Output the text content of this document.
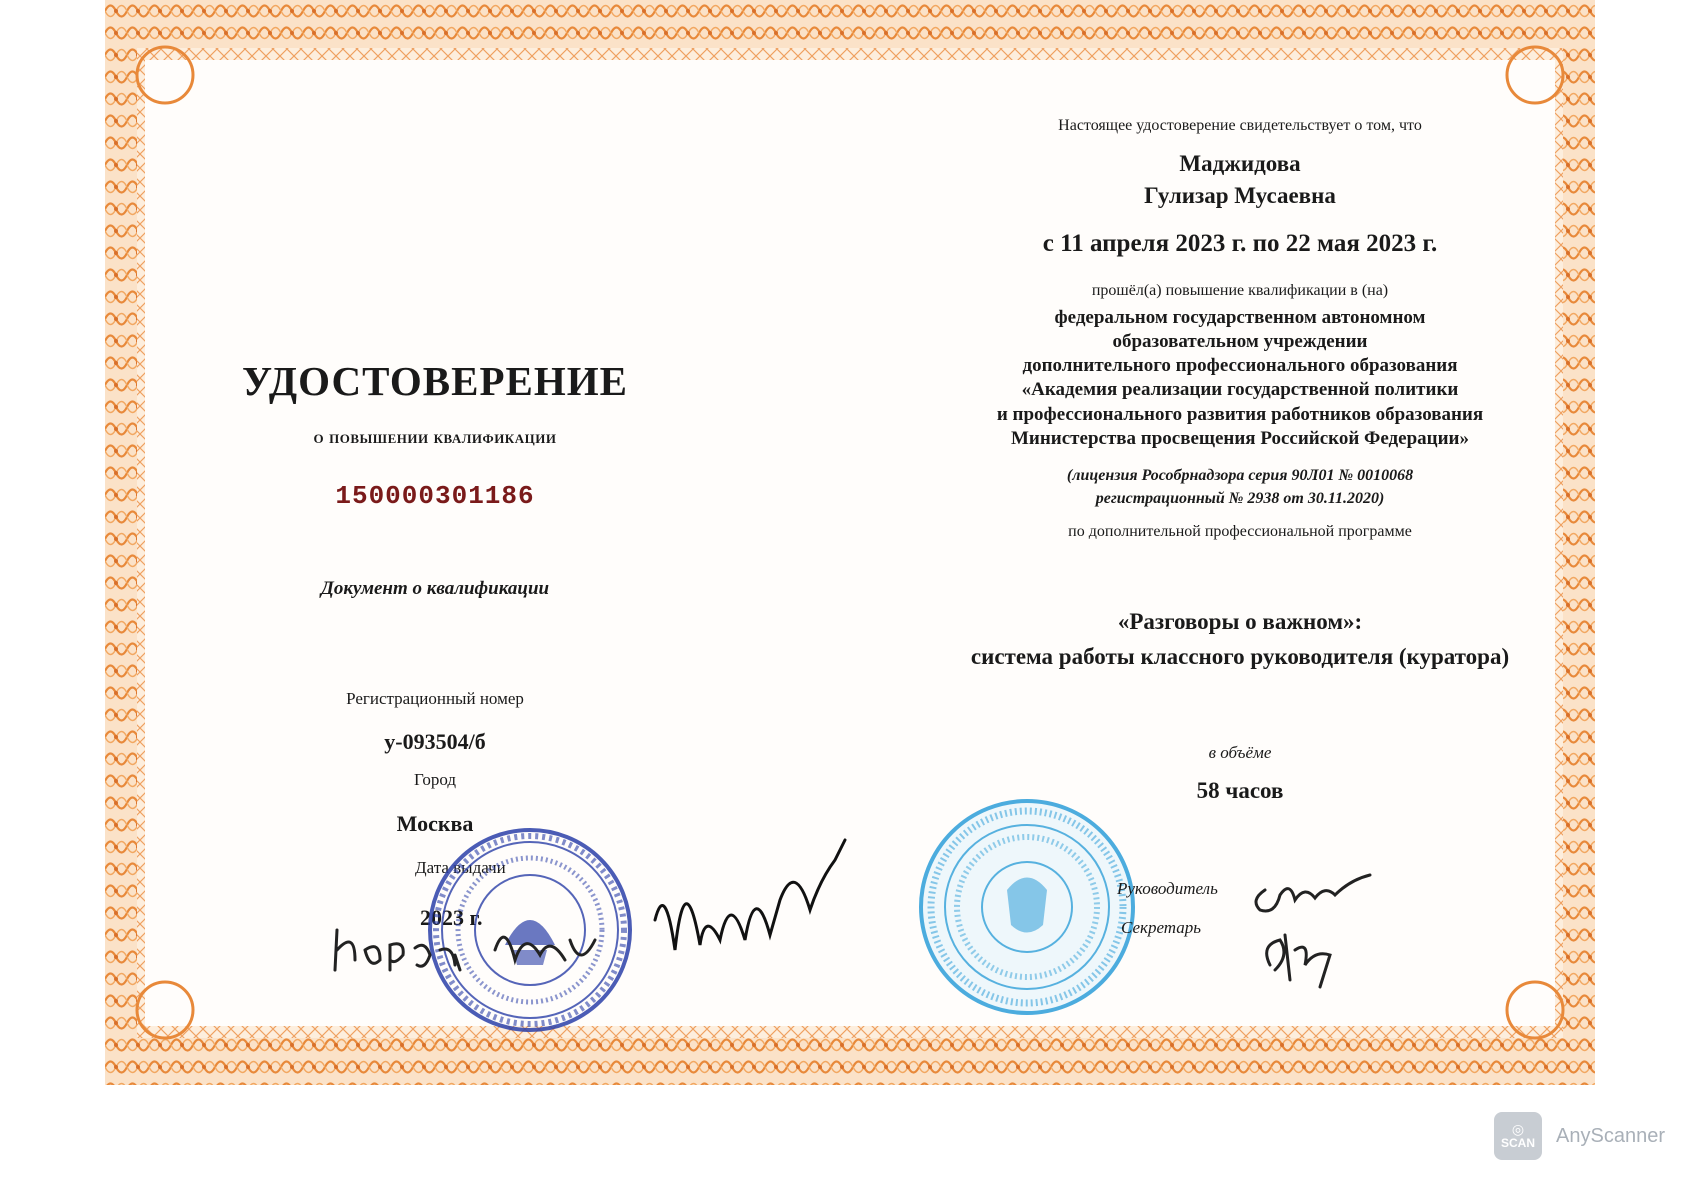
УДОСТОВЕРЕНИЕ
о повышении квалификации
150000301186
Документ о квалификации
Регистрационный номер
у-093504/б
Город
Москва
Дата выдачи
2023 г.
Настоящее удостоверение свидетельствует о том, что
Маджидова
Гулизар Мусаевна
с 11 апреля 2023 г. по 22 мая 2023 г.
прошёл(а) повышение квалификации в (на)
федеральном государственном автономном
образовательном учреждении
дополнительного профессионального образования
«Академия реализации государственной политики
и профессионального развития работников образования
Министерства просвещения Российской Федерации»
(лицензия Рособрнадзора серия 90Л01 № 0010068
регистрационный № 2938 от 30.11.2020)
по дополнительной профессиональной программе
«Разговоры о важном»:
система работы классного руководителя (куратора)
в объёме
58 часов
Руководитель
Секретарь
◎
SCAN AnyScanner
